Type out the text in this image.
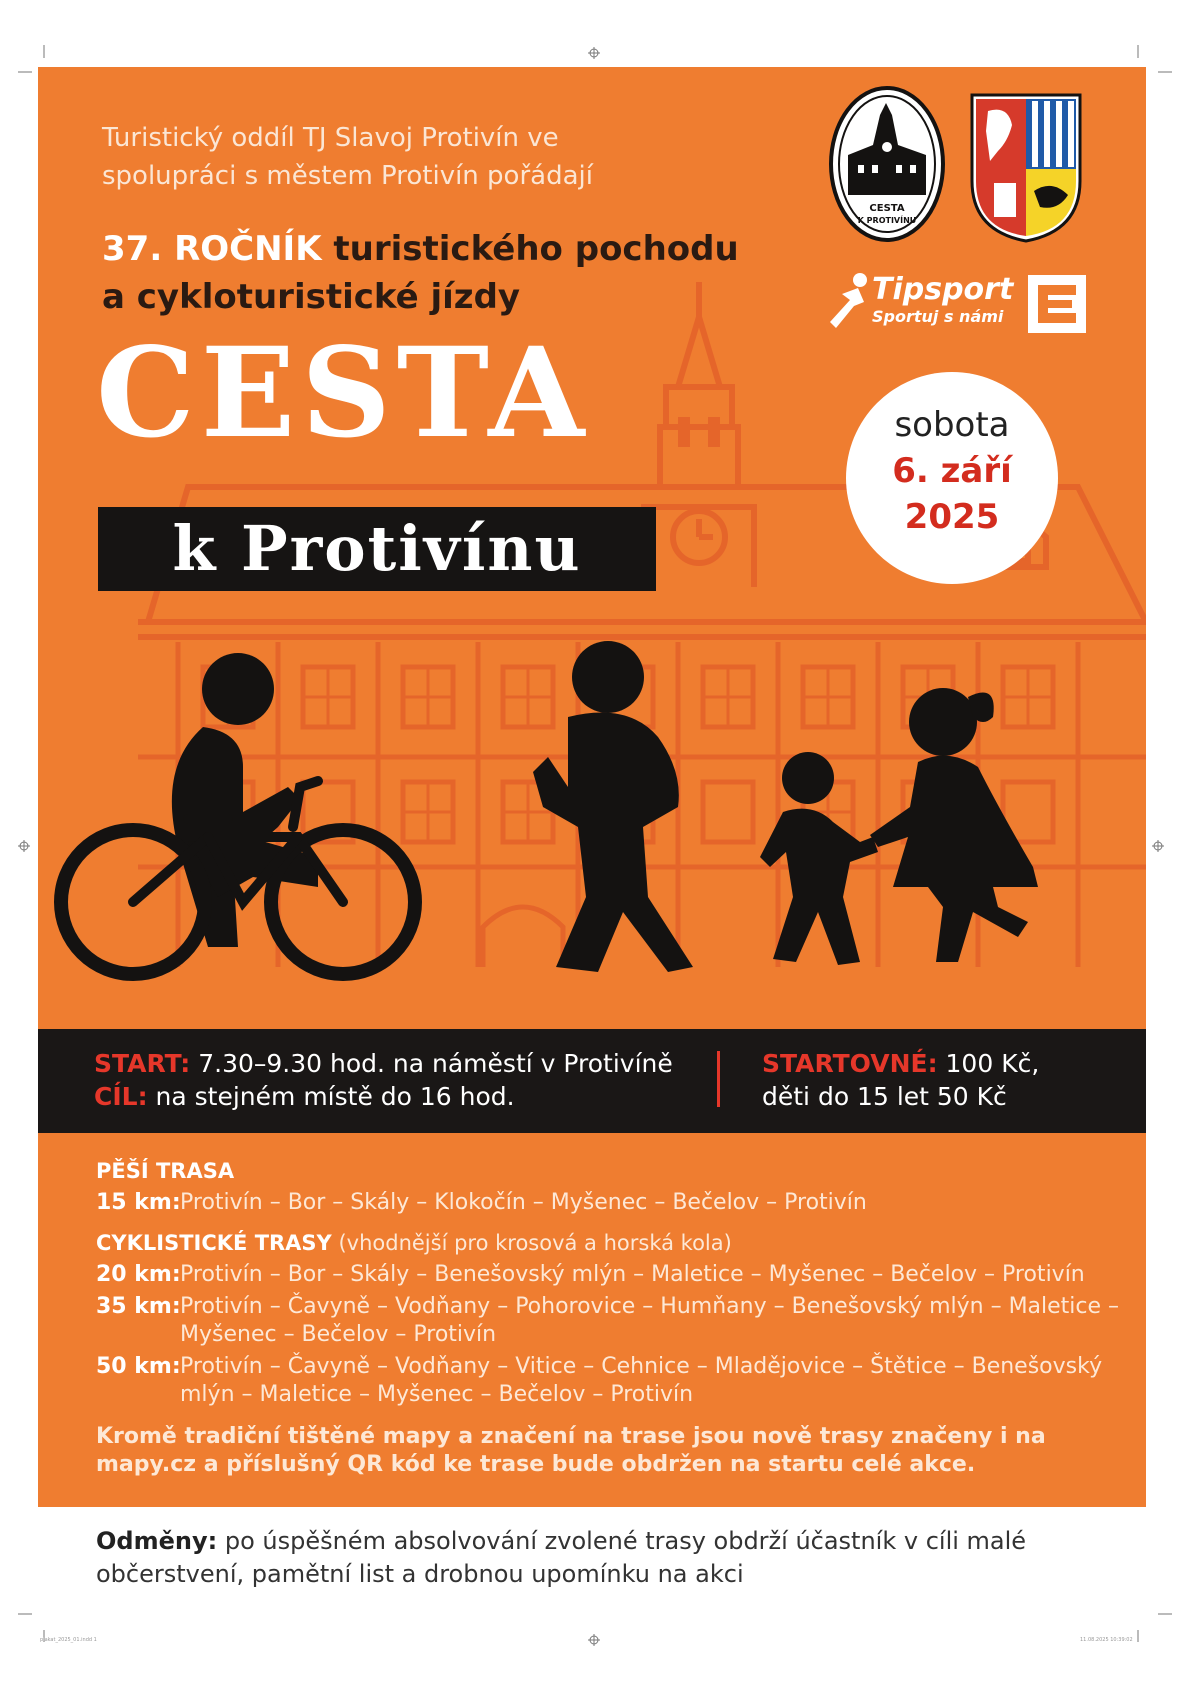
plakat_2025_01.indd 1	11.08.2025 10:39:02
Turistický oddíl TJ Slavoj Protivín ve
spolupráci s městem Protivín pořádají
37. ROČNÍK turistického pochodu
a cykloturistické jízdy
CESTA
k Protivínu
sobota
6. září
2025
CESTA
K PROTIVÍNU
Tipsport
Sportuj s námi
START: 7.30–9.30 hod. na náměstí v Protivíně
CÍL: na stejném místě do 16 hod.
STARTOVNÉ: 100 Kč,
děti do 15 let 50 Kč
PĚŠÍ TRASA
15 km: Protivín – Bor – Skály – Klokočín – Myšenec – Bečelov – Protivín
CYKLISTICKÉ TRASY (vhodnější pro krosová a horská kola)
20 km: Protivín – Bor – Skály – Benešovský mlýn – Maletice – Myšenec – Bečelov – Protivín
35 km: Protivín – Čavyně – Vodňany – Pohorovice – Humňany – Benešovský mlýn – Maletice – Myšenec – Bečelov – Protivín
50 km: Protivín – Čavyně – Vodňany – Vitice – Cehnice – Mladějovice – Štětice – Benešovský mlýn – Maletice – Myšenec – Bečelov – Protivín
Kromě tradiční tištěné mapy a značení na trase jsou nově trasy značeny i na mapy.cz a příslušný QR kód ke trase bude obdržen na startu celé akce.
Odměny: po úspěšném absolvování zvolené trasy obdrží účastník v cíli malé občerstvení, pamětní list a drobnou upomínku na akci
